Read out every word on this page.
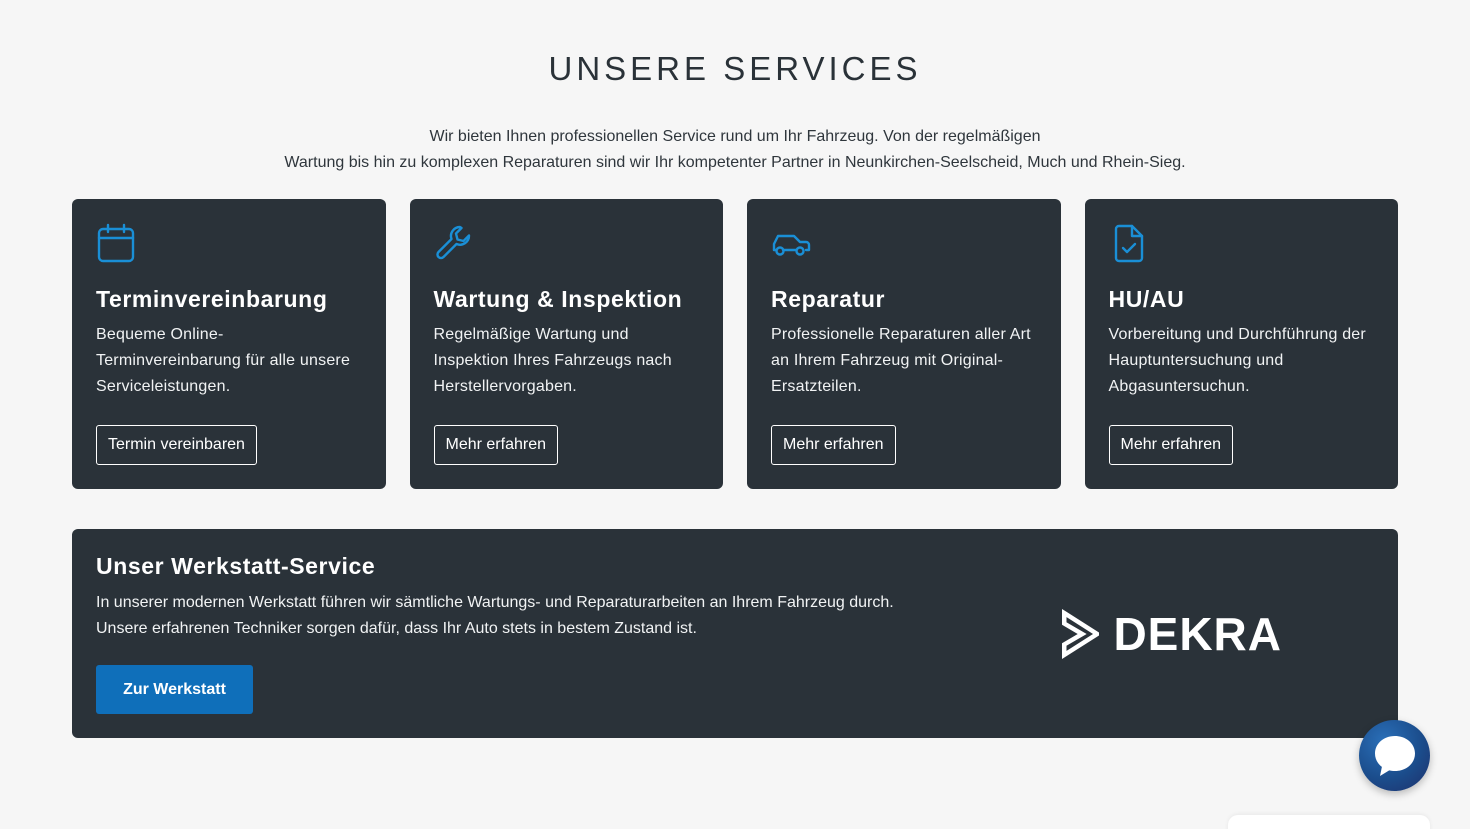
UNSERE SERVICES
Wir bieten Ihnen professionellen Service rund um Ihr Fahrzeug. Von der regelmäßigen
Wartung bis hin zu komplexen Reparaturen sind wir Ihr kompetenter Partner in Neunkirchen-Seelscheid, Much und Rhein-Sieg.
Terminvereinbarung
Bequeme Online-Terminvereinbarung für alle unsere Serviceleistungen.
Termin vereinbaren
Wartung & Inspektion
Regelmäßige Wartung und Inspektion Ihres Fahrzeugs nach Herstellervorgaben.
Mehr erfahren
Reparatur
Professionelle Reparaturen aller Art an Ihrem Fahrzeug mit Original-Ersatzteilen.
Mehr erfahren
HU/AU
Vorbereitung und Durchführung der Hauptuntersuchung und Abgasuntersuchun.
Mehr erfahren
Unser Werkstatt-Service
In unserer modernen Werkstatt führen wir sämtliche Wartungs- und Reparaturarbeiten an Ihrem Fahrzeug durch. Unsere erfahrenen Techniker sorgen dafür, dass Ihr Auto stets in bestem Zustand ist.
Zur Werkstatt
DEKRA
